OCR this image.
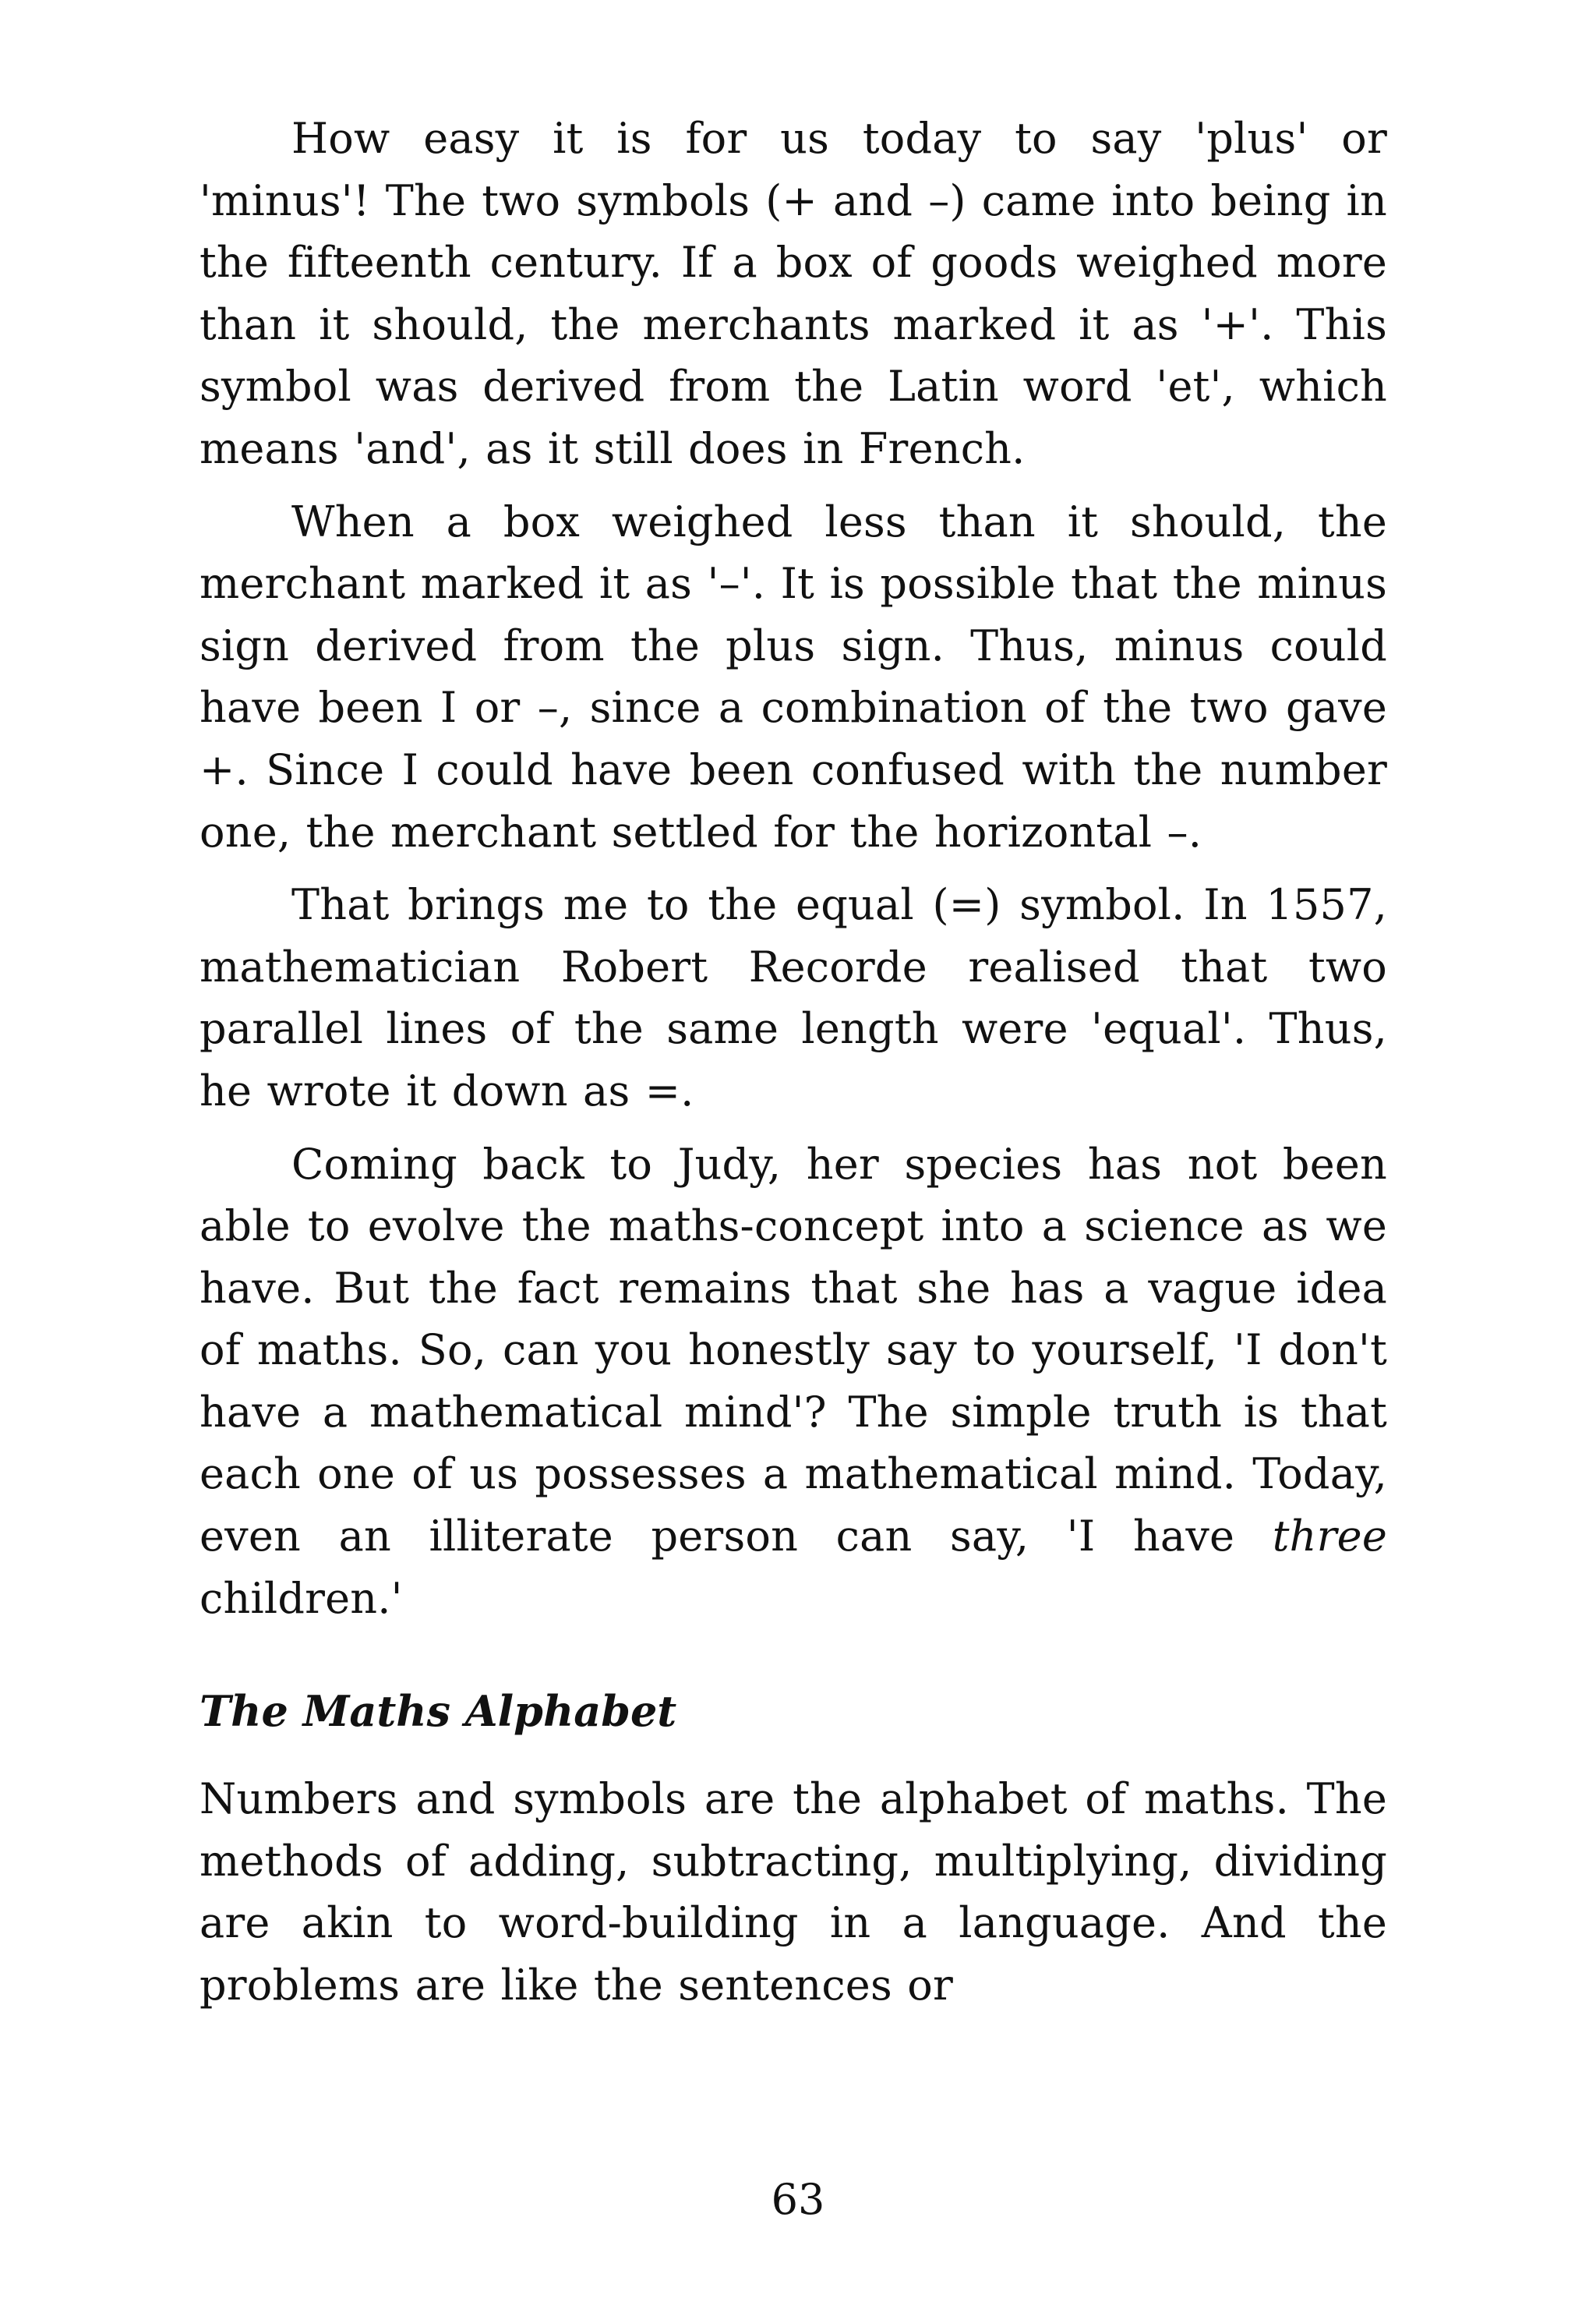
How easy it is for us today to say 'plus' or 'minus'! The two symbols (+ and –) came into being in the fifteenth century. If a box of goods weighed more than it should, the merchants marked it as '+'. This symbol was derived from the Latin word 'et', which means 'and', as it still does in French.

When a box weighed less than it should, the merchant marked it as '–'. It is possible that the minus sign derived from the plus sign. Thus, minus could have been I or –, since a combination of the two gave +. Since I could have been confused with the number one, the merchant settled for the horizontal –.

That brings me to the equal (=) symbol. In 1557, mathematician Robert Recorde realised that two parallel lines of the same length were 'equal'. Thus, he wrote it down as =.

Coming back to Judy, her species has not been able to evolve the maths-concept into a science as we have. But the fact remains that she has a vague idea of maths. So, can you honestly say to yourself, 'I don't have a mathematical mind'? The simple truth is that each one of us possesses a mathematical mind. Today, even an illiterate person can say, 'I have three children.'

The Maths Alphabet

Numbers and symbols are the alphabet of maths. The methods of adding, subtracting, multiplying, dividing are akin to word-building in a language. And the problems are like the sentences or

63
